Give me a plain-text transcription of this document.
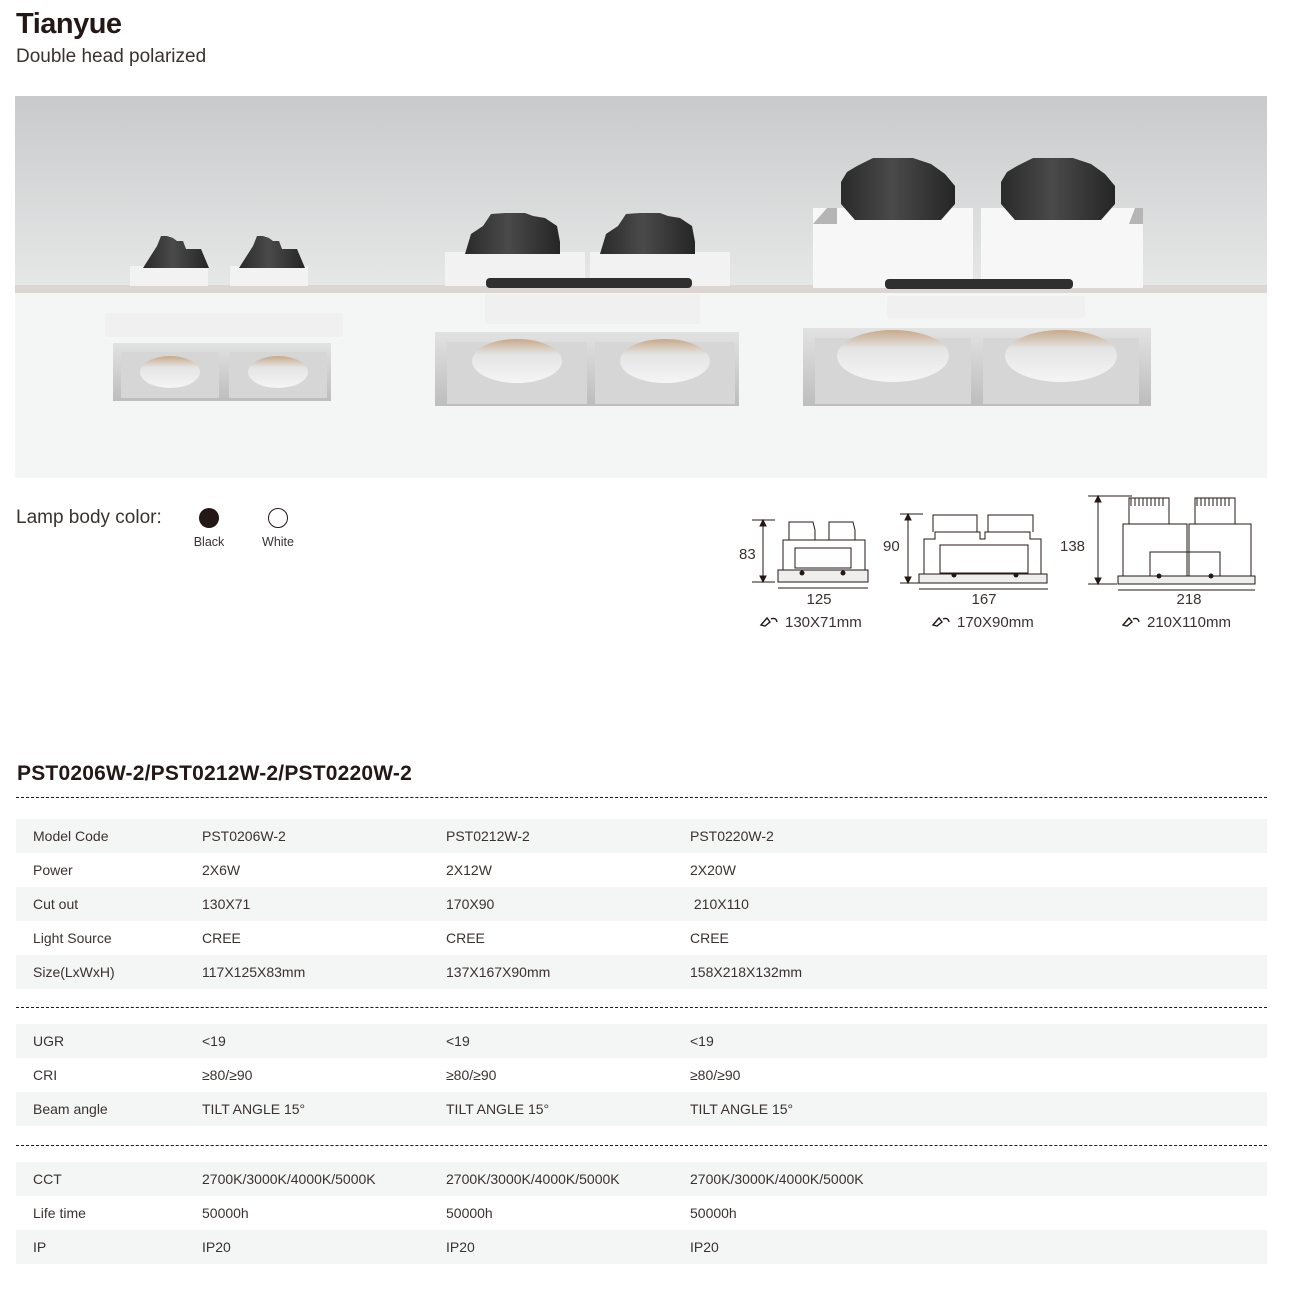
Tianyue
Double head polarized
Lamp body color:
Black	White
83
125
130X71mm
90
167
170X90mm
138
218
210X110mm
PST0206W-2/PST0212W-2/PST0220W-2
Model Code	PST0206W-2	PST0212W-2	PST0220W-2
Power	2X6W	2X12W	2X20W
Cut out	130X71	170X90	210X110
Light Source	CREE	CREE	CREE
Size(LxWxH)	117X125X83mm	137X167X90mm	158X218X132mm
UGR	<19	<19	<19
CRI	≥80/≥90	≥80/≥90	≥80/≥90
Beam angle	TILT ANGLE 15°	TILT ANGLE 15°	TILT ANGLE 15°
CCT	2700K/3000K/4000K/5000K	2700K/3000K/4000K/5000K	2700K/3000K/4000K/5000K
Life time	50000h	50000h	50000h
IP	IP20	IP20	IP20
